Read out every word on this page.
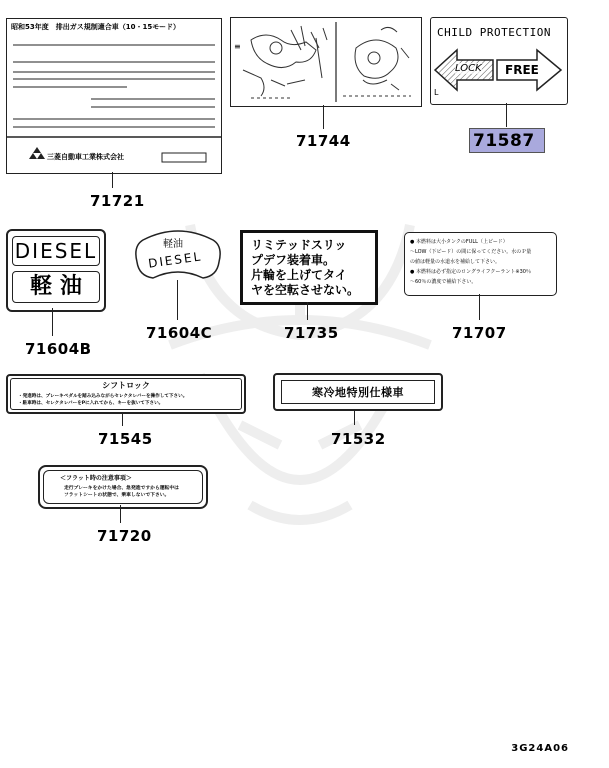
昭和53年度　排出ガス規制適合車（10・15モード）
三菱自動車工業株式会社
71721
≡
71744
CHILD PROTECTION
LOCK FREE
L
71587
DIESEL
軽 油
71604B
軽油
DIESEL
71604C
リミテッドスリッ
プデフ装着車。
片輪を上げてタイ
ヤを空転させない。
71735
● 本燃料は大小タンクのFULL（上ビード）
～LOW（下ビード）の間に保ってください。水のＰ量
の値は軽量の水道水を補給して下さい。
● 本燃料は必ず指定のロングライフクーラント※30％
～60％の濃度で補給下さい。
71707
シフトロック
・発進時は、ブレーキペダルを踏み込みながらセレクタレバーを操作して下さい。
・駐車時は、セレクタレバーをPに入れてから、キーを抜いて下さい。
71545
寒冷地特別仕様車
71532
＜フラット時の注意事項＞
走行ブレーキをかけた場合、急発進ですから運転中は
フラットシートの状態で、乗車しないで下さい。
71720
3G24A06
